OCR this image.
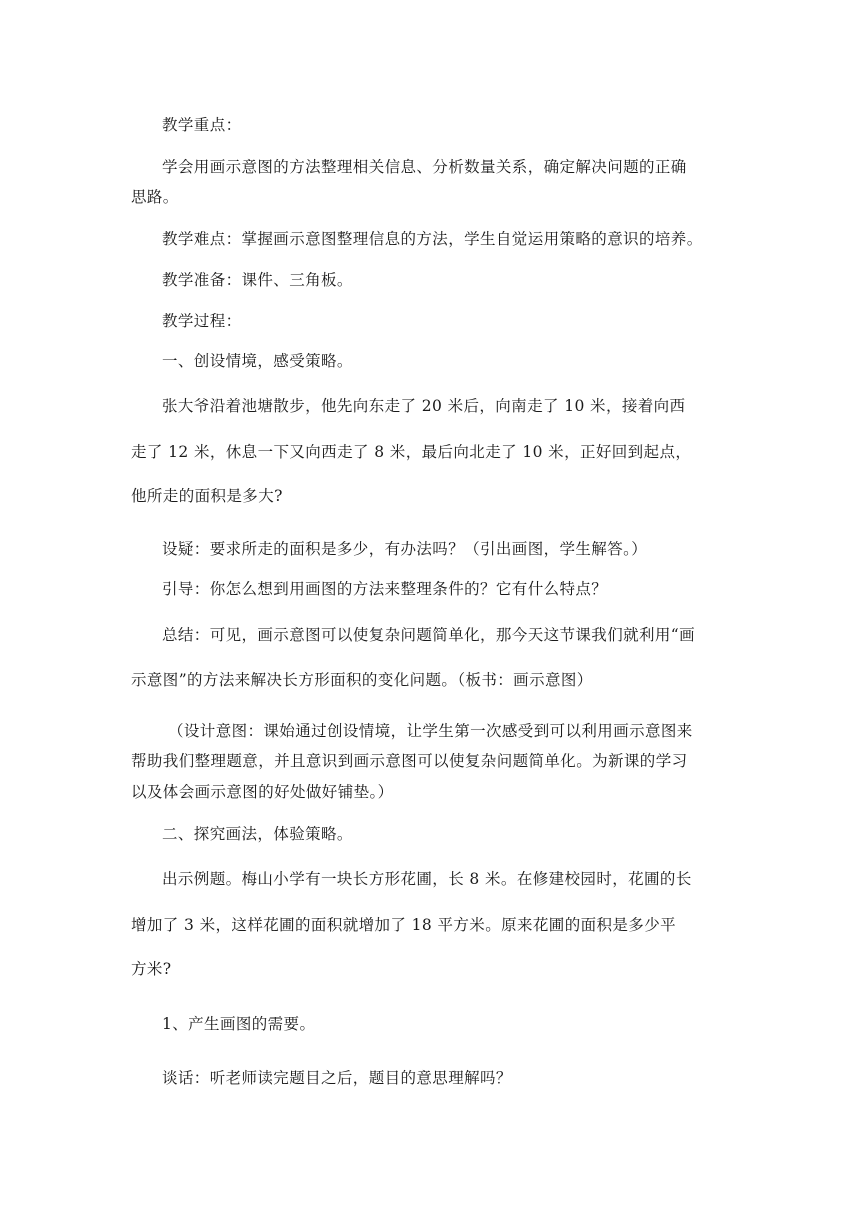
教学重点：
学会用画示意图的方法整理相关信息、分析数量关系，确定解决问题的正确
思路。
教学难点：掌握画示意图整理信息的方法，学生自觉运用策略的意识的培养。
教学准备：课件、三角板。
教学过程：
一、创设情境，感受策略。
张大爷沿着池塘散步，他先向东走了 20 米后，向南走了 10 米，接着向西
走了 12 米，休息一下又向西走了 8 米，最后向北走了 10 米，正好回到起点，
他所走的面积是多大?
设疑：要求所走的面积是多少，有办法吗？（引出画图，学生解答。）
引导：你怎么想到用画图的方法来整理条件的？它有什么特点？
总结：可见，画示意图可以使复杂问题简单化，那今天这节课我们就利用“画
示意图”的方法来解决长方形面积的变化问题。（板书：画示意图）
（设计意图：课始通过创设情境，让学生第一次感受到可以利用画示意图来
帮助我们整理题意，并且意识到画示意图可以使复杂问题简单化。为新课的学习
以及体会画示意图的好处做好铺垫。）
二、探究画法，体验策略。
出示例题。梅山小学有一块长方形花圃，长 8 米。在修建校园时，花圃的长
增加了 3 米，这样花圃的面积就增加了 18 平方米。原来花圃的面积是多少平
方米?
1、产生画图的需要。
谈话：听老师读完题目之后，题目的意思理解吗？
